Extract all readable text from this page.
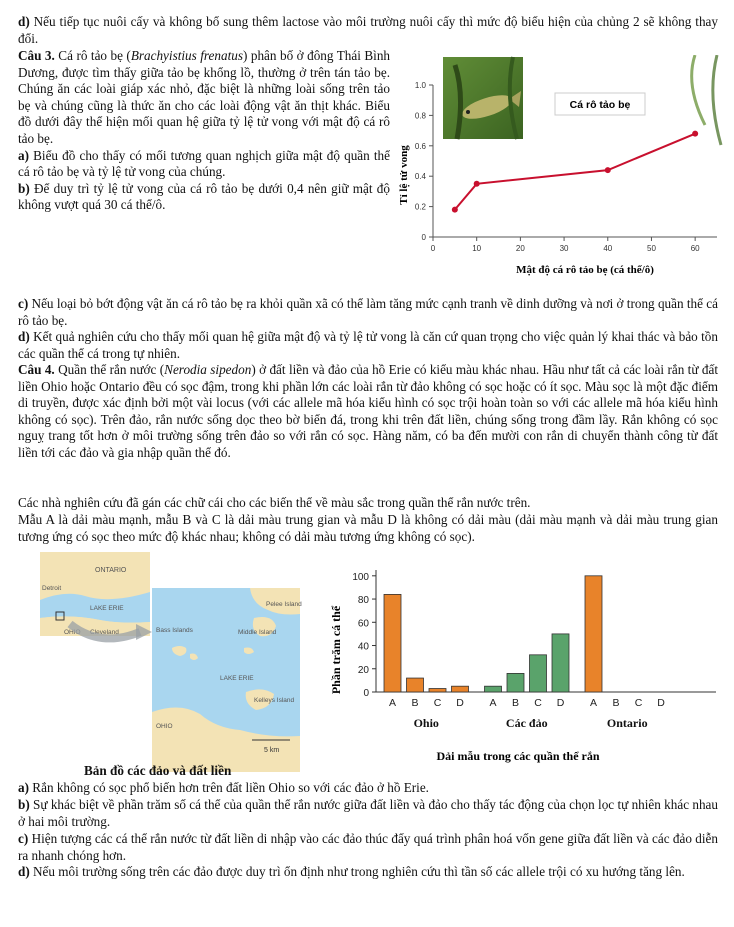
d) Nếu tiếp tục nuôi cấy và không bổ sung thêm lactose vào môi trường nuôi cấy thì mức độ biểu hiện của chủng 2 sẽ không thay đổi.

Câu 3. Cá rô tảo bẹ (Brachyistius frenatus) phân bố ở đông Thái Bình Dương, được tìm thấy giữa tảo bẹ khổng lồ, thường ở trên tán tảo bẹ. Chúng ăn các loài giáp xác nhỏ, đặc biệt là những loài sống trên tảo bẹ và chúng cũng là thức ăn cho các loài động vật ăn thịt khác. Biểu đồ dưới đây thể hiện mối quan hệ giữa tỷ lệ tử vong với mật độ cá rô tảo bẹ.

a) Biểu đồ cho thấy có mối tương quan nghịch giữa mật độ quần thể cá rô tảo bẹ và tỷ lệ tử vong của chúng.

b) Để duy trì tỷ lệ tử vong của cá rô tảo bẹ dưới 0,4 nên giữ mật độ không vượt quá 30 cá thể/ô.

Cá rô tảo bẹ
0
0.2
0.4
0.6
0.8
1.0
0	10	20	30	40	50	60
Tỉ lệ tử vong
Mật độ cá rô tảo bẹ (cá thể/ô)

c) Nếu loại bỏ bớt động vật ăn cá rô tảo bẹ ra khỏi quần xã có thể làm tăng mức cạnh tranh về dinh dưỡng và nơi ở trong quần thể cá rô tảo bẹ.

d) Kết quả nghiên cứu cho thấy mối quan hệ giữa mật độ và tỷ lệ tử vong là căn cứ quan trọng cho việc quản lý khai thác và bảo tồn các quần thể cá trong tự nhiên.

Câu 4. Quần thể rắn nước (Nerodia sipedon) ở đất liền và đảo của hồ Erie có kiểu màu khác nhau. Hầu như tất cả các loài rắn từ đất liền Ohio hoặc Ontario đều có sọc đậm, trong khi phần lớn các loài rắn từ đảo không có sọc hoặc có ít sọc. Màu sọc là một đặc điểm di truyền, được xác định bởi một vài locus (với các allele mã hóa kiểu hình có sọc trội hoàn toàn so với các allele mã hóa kiểu hình không có sọc). Trên đảo, rắn nước sống dọc theo bờ biển đá, trong khi trên đất liền, chúng sống trong đầm lầy. Rắn không có sọc nguỵ trang tốt hơn ở môi trường sống trên đảo so với rắn có sọc. Hàng năm, có ba đến mười con rắn di chuyển thành công từ đất liền tới các đảo và gia nhập quần thể đó.

Các nhà nghiên cứu đã gán các chữ cái cho các biến thể về màu sắc trong quần thể rắn nước trên.

Mẫu A là dải màu mạnh, mẫu B và C là dải màu trung gian và mẫu D là không có dải màu (dải màu mạnh và dải màu trung gian tương ứng có sọc theo mức độ khác nhau; không có dải màu tương ứng không có sọc).

ONTARIO
Detroit
LAKE ERIE
OHIO Cleveland
Pelee Island
Bass Islands	Middle Island
LAKE ERIE
Kelleys Island
OHIO
5 km
Bản đồ các đảo và đất liền
0
20
40
60
80
100
A B C D
Ohio
A B C D
Các đảo
A B C D
Ontario
Phần trăm cá thể
Dải mẫu trong các quần thể rắn

a) Rắn không có sọc phổ biến hơn trên đất liền Ohio so với các đảo ở hồ Erie.

b) Sự khác biệt về phần trăm số cá thể của quần thể rắn nước giữa đất liền và đảo cho thấy tác động của chọn lọc tự nhiên khác nhau ở hai môi trường.

c) Hiện tượng các cá thể rắn nước từ đất liền di nhập vào các đảo thúc đẩy quá trình phân hoá vốn gene giữa đất liền và các đảo diễn ra nhanh chóng hơn.

d) Nếu môi trường sống trên các đảo được duy trì ổn định như trong nghiên cứu thì tần số các allele trội có xu hướng tăng lên.
